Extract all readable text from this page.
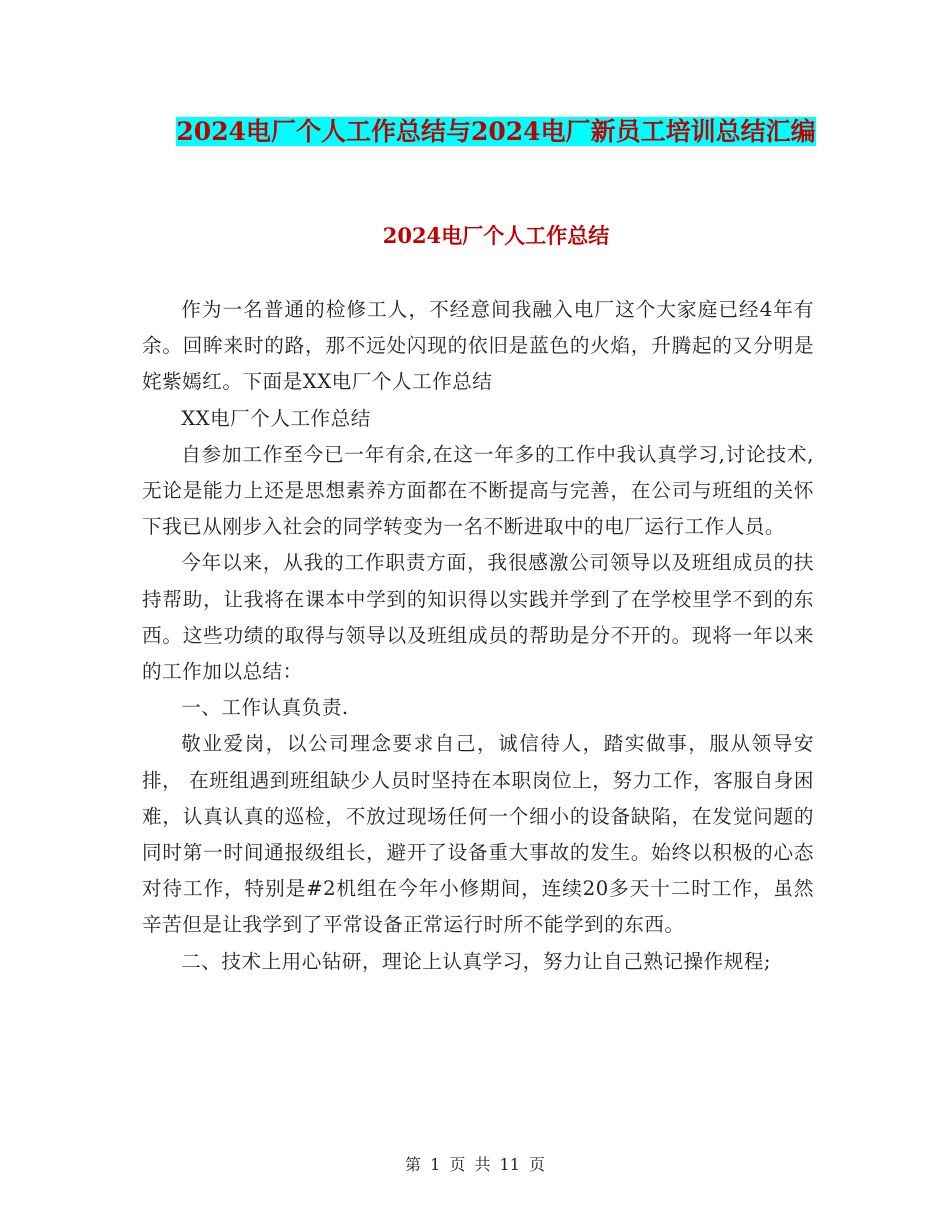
2024电厂个人工作总结与2024电厂新员工培训总结汇编
2024电厂个人工作总结

作为一名普通的检修工人，不经意间我融入电厂这个大家庭已经4年有余。回眸来时的路，那不远处闪现的依旧是蓝色的火焰，升腾起的又分明是姹紫嫣红。下面是XX电厂个人工作总结

XX电厂个人工作总结

自参加工作至今已一年有余,在这一年多的工作中我认真学习,讨论技术,无论是能力上还是思想素养方面都在不断提高与完善，在公司与班组的关怀下我已从刚步入社会的同学转变为一名不断进取中的电厂运行工作人员。

今年以来，从我的工作职责方面，我很感激公司领导以及班组成员的扶持帮助，让我将在课本中学到的知识得以实践并学到了在学校里学不到的东西。这些功绩的取得与领导以及班组成员的帮助是分不开的。现将一年以来的工作加以总结：

一、工作认真负责.

敬业爱岗，以公司理念要求自己，诚信待人，踏实做事，服从领导安排， 在班组遇到班组缺少人员时坚持在本职岗位上，努力工作，客服自身困难，认真认真的巡检，不放过现场任何一个细小的设备缺陷，在发觉问题的同时第一时间通报级组长，避开了设备重大事故的发生。始终以积极的心态对待工作，特别是#2机组在今年小修期间，连续20多天十二时工作，虽然辛苦但是让我学到了平常设备正常运行时所不能学到的东西。

二、技术上用心钻研，理论上认真学习，努力让自己熟记操作规程;

第 1 页 共 11 页
